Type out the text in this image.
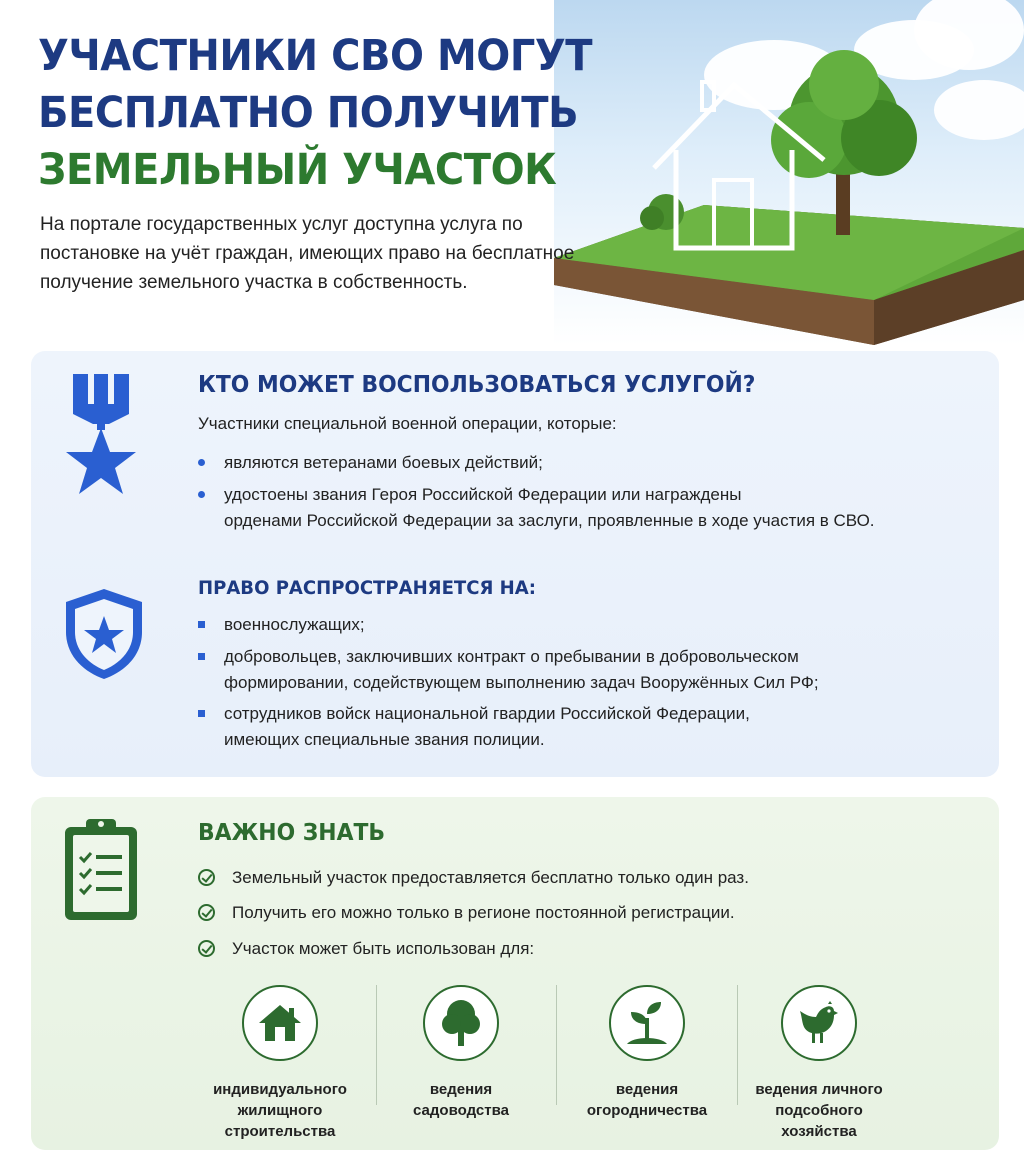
УЧАСТНИКИ СВО МОГУТ
БЕСПЛАТНО ПОЛУЧИТЬ
ЗЕМЕЛЬНЫЙ УЧАСТОК

На портале государственных услуг доступна услуга по постановке на учёт граждан, имеющих право на бесплатное получение земельного участка в собственность.

КТО МОЖЕТ ВОСПОЛЬЗОВАТЬСЯ УСЛУГОЙ?

Участники специальной военной операции, которые:

являются ветеранами боевых действий;

удостоены звания Героя Российской Федерации или награждены

орденами Российской Федерации за заслуги, проявленные в ходе участия в СВО.

ПРАВО РАСПРОСТРАНЯЕТСЯ НА:

военнослужащих;

добровольцев, заключивших контракт о пребывании в добровольческом

формировании, содействующем выполнению задач Вооружённых Сил РФ;

сотрудников войск национальной гвардии Российской Федерации,

имеющих специальные звания полиции.

ВАЖНО ЗНАТЬ

Земельный участок предоставляется бесплатно только один раз.

Получить его можно только в регионе постоянной регистрации.

Участок может быть использован для:

индивидуального
жилищного
строительства
ведения
садоводства
ведения
огородничества
ведения личного
подсобного
хозяйства
